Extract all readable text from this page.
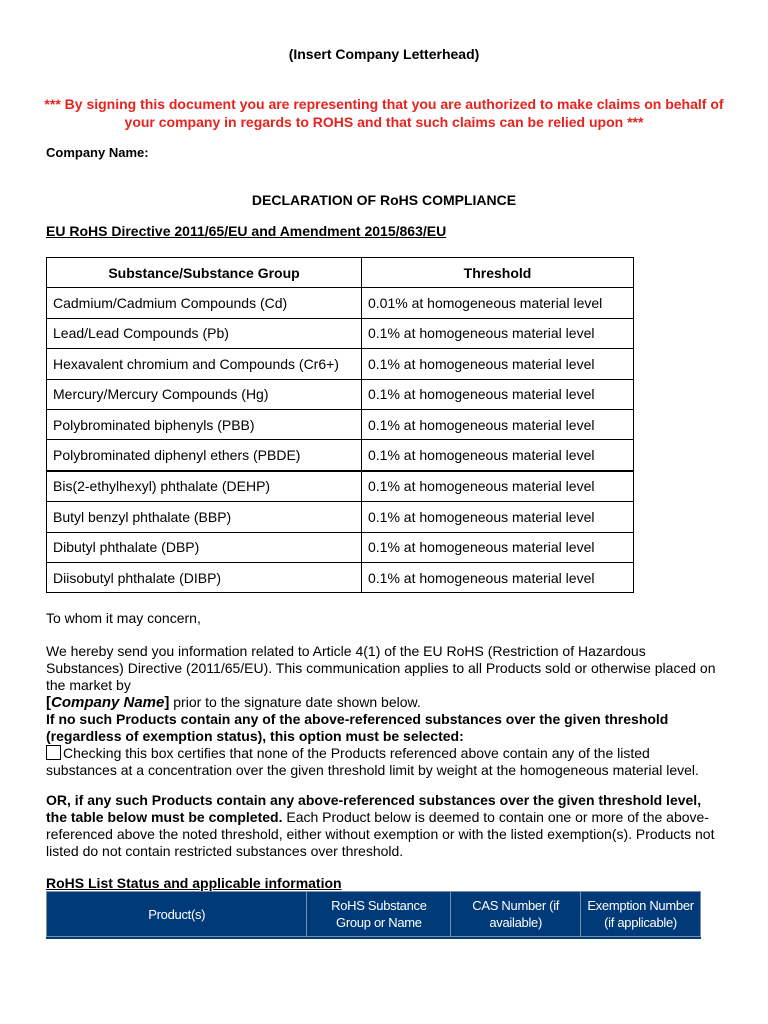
(Insert Company Letterhead)
*** By signing this document you are representing that you are authorized to make claims on behalf of
your company in regards to ROHS and that such claims can be relied upon ***
Company Name:
DECLARATION OF RoHS COMPLIANCE
EU RoHS Directive 2011/65/EU and Amendment 2015/863/EU
Substance/Substance Group	Threshold
Cadmium/Cadmium Compounds (Cd)	0.01% at homogeneous material level
Lead/Lead Compounds (Pb)	0.1% at homogeneous material level
Hexavalent chromium and Compounds (Cr6+)	0.1% at homogeneous material level
Mercury/Mercury Compounds (Hg)	0.1% at homogeneous material level
Polybrominated biphenyls (PBB)	0.1% at homogeneous material level
Polybrominated diphenyl ethers (PBDE)	0.1% at homogeneous material level
Bis(2-ethylhexyl) phthalate (DEHP)	0.1% at homogeneous material level
Butyl benzyl phthalate (BBP)	0.1% at homogeneous material level
Dibutyl phthalate (DBP)	0.1% at homogeneous material level
Diisobutyl phthalate (DIBP)	0.1% at homogeneous material level
To whom it may concern,
We hereby send you information related to Article 4(1) of the EU RoHS (Restriction of Hazardous Substances) Directive (2011/65/EU). This communication applies to all Products sold or otherwise placed on the market by
[Company Name] prior to the signature date shown below.
If no such Products contain any of the above-referenced substances over the given threshold (regardless of exemption status), this option must be selected:
Checking this box certifies that none of the Products referenced above contain any of the listed substances at a concentration over the given threshold limit by weight at the homogeneous material level.
OR, if any such Products contain any above-referenced substances over the given threshold level, the table below must be completed. Each Product below is deemed to contain one or more of the above-referenced above the noted threshold, either without exemption or with the listed exemption(s). Products not listed do not contain restricted substances over threshold.
RoHS List Status and applicable information
Product(s)	RoHS Substance Group or Name	CAS Number (if available)	Exemption Number (if applicable)
